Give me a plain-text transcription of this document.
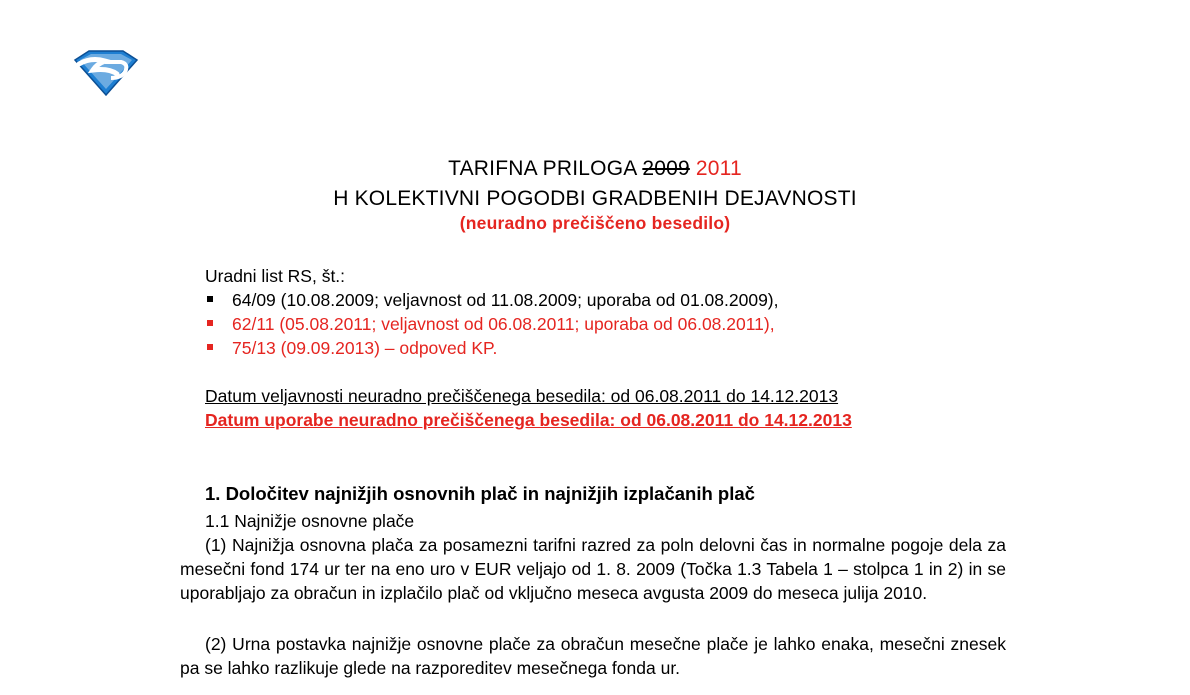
TARIFNA PRILOGA 2009 2011
H KOLEKTIVNI POGODBI GRADBENIH DEJAVNOSTI
(neuradno prečiščeno besedilo)
Uradni list RS, št.:
64/09 (10.08.2009; veljavnost od 11.08.2009; uporaba od 01.08.2009),
62/11 (05.08.2011; veljavnost od 06.08.2011; uporaba od 06.08.2011),
75/13 (09.09.2013) – odpoved KP.
Datum veljavnosti neuradno prečiščenega besedila: od 06.08.2011 do 14.12.2013
Datum uporabe neuradno prečiščenega besedila: od 06.08.2011 do 14.12.2013
1. Določitev najnižjih osnovnih plač in najnižjih izplačanih plač
1.1 Najnižje osnovne plače

(1) Najnižja osnovna plača za posamezni tarifni razred za poln delovni čas in normalne pogoje dela za mesečni fond 174 ur ter na eno uro v EUR veljajo od 1. 8. 2009 (Točka 1.3 Tabela 1 – stolpca 1 in 2) in se uporabljajo za obračun in izplačilo plač od vključno meseca avgusta 2009 do meseca julija 2010.

(2) Urna postavka najnižje osnovne plače za obračun mesečne plače je lahko enaka, mesečni znesek pa se lahko razlikuje glede na razporeditev mesečnega fonda ur.
